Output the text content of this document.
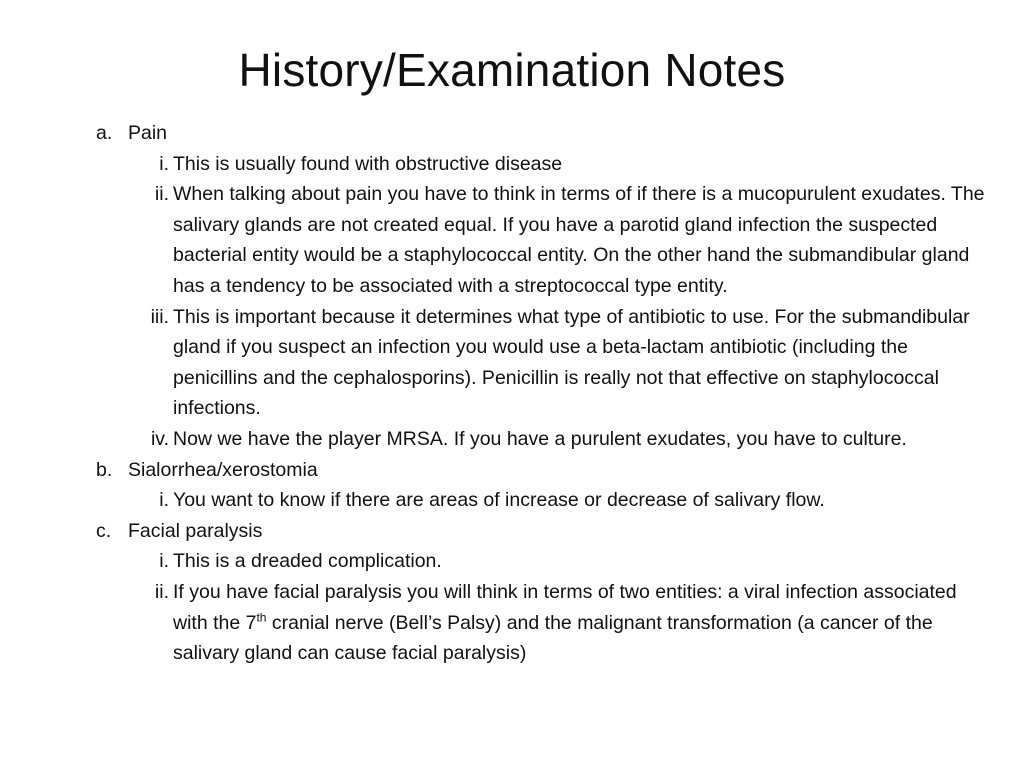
History/Examination Notes
a. Pain
i. This is usually found with obstructive disease
ii. When talking about pain you have to think in terms of if there is a mucopurulent exudates. The salivary glands are not created equal. If you have a parotid gland infection the suspected bacterial entity would be a staphylococcal entity. On the other hand the submandibular gland has a tendency to be associated with a streptococcal type entity.
iii. This is important because it determines what type of antibiotic to use. For the submandibular gland if you suspect an infection you would use a beta-lactam antibiotic (including the penicillins and the cephalosporins). Penicillin is really not that effective on staphylococcal infections.
iv. Now we have the player MRSA. If you have a purulent exudates, you have to culture.
b. Sialorrhea/xerostomia
i. You want to know if there are areas of increase or decrease of salivary flow.
c. Facial paralysis
i. This is a dreaded complication.
ii. If you have facial paralysis you will think in terms of two entities: a viral infection associated with the 7th cranial nerve (Bell’s Palsy) and the malignant transformation (a cancer of the salivary gland can cause facial paralysis)
